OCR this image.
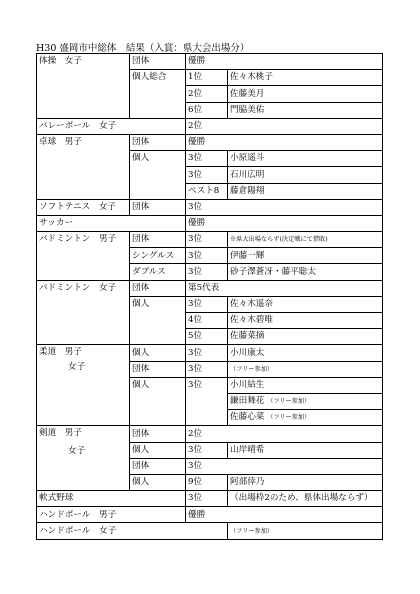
H30 盛岡市中総体　結果（入賞：県大会出場分）
体操　女子	団体	優勝	
	個人総合	1位	佐々木桃子
		2位	佐藤美月
		6位	門脇美佑
バレーボール　女子		2位	
卓球　男子	団体	優勝	
	個人	3位	小原遥斗
		3位	石川広明
		ベスト8	藤倉陽翔
ソフトテニス　女子	団体	3位	
サッカー		優勝	
バドミントン　男子	団体	3位	※県大出場ならず(決定戦にて惜敗)
	シングルス	3位	伊藤一輝
	ダブルス	3位	砂子澤蒼冴・藤平聡太
バドミントン　女子	団体	第5代表	
	個人	3位	佐々木遥奈
		4位	佐々木碧唯
		5位	佐藤菜摘

柔道　男子
女子	個人	3位	小川康太
	団体	3位	（フリー参加）
	個人	3位	小川結生
			鎌田舞花 （フリー参加）
			佐藤心菜 （フリー参加）

剣道　男子
女子	団体	2位	
	個人	3位	山岸晴希
	団体	3位	
	個人	9位	阿部倖乃
軟式野球		3位	（出場枠2のため、県体出場ならず）
ハンドボール　男子		優勝	
ハンドボール　女子			（フリー参加）
